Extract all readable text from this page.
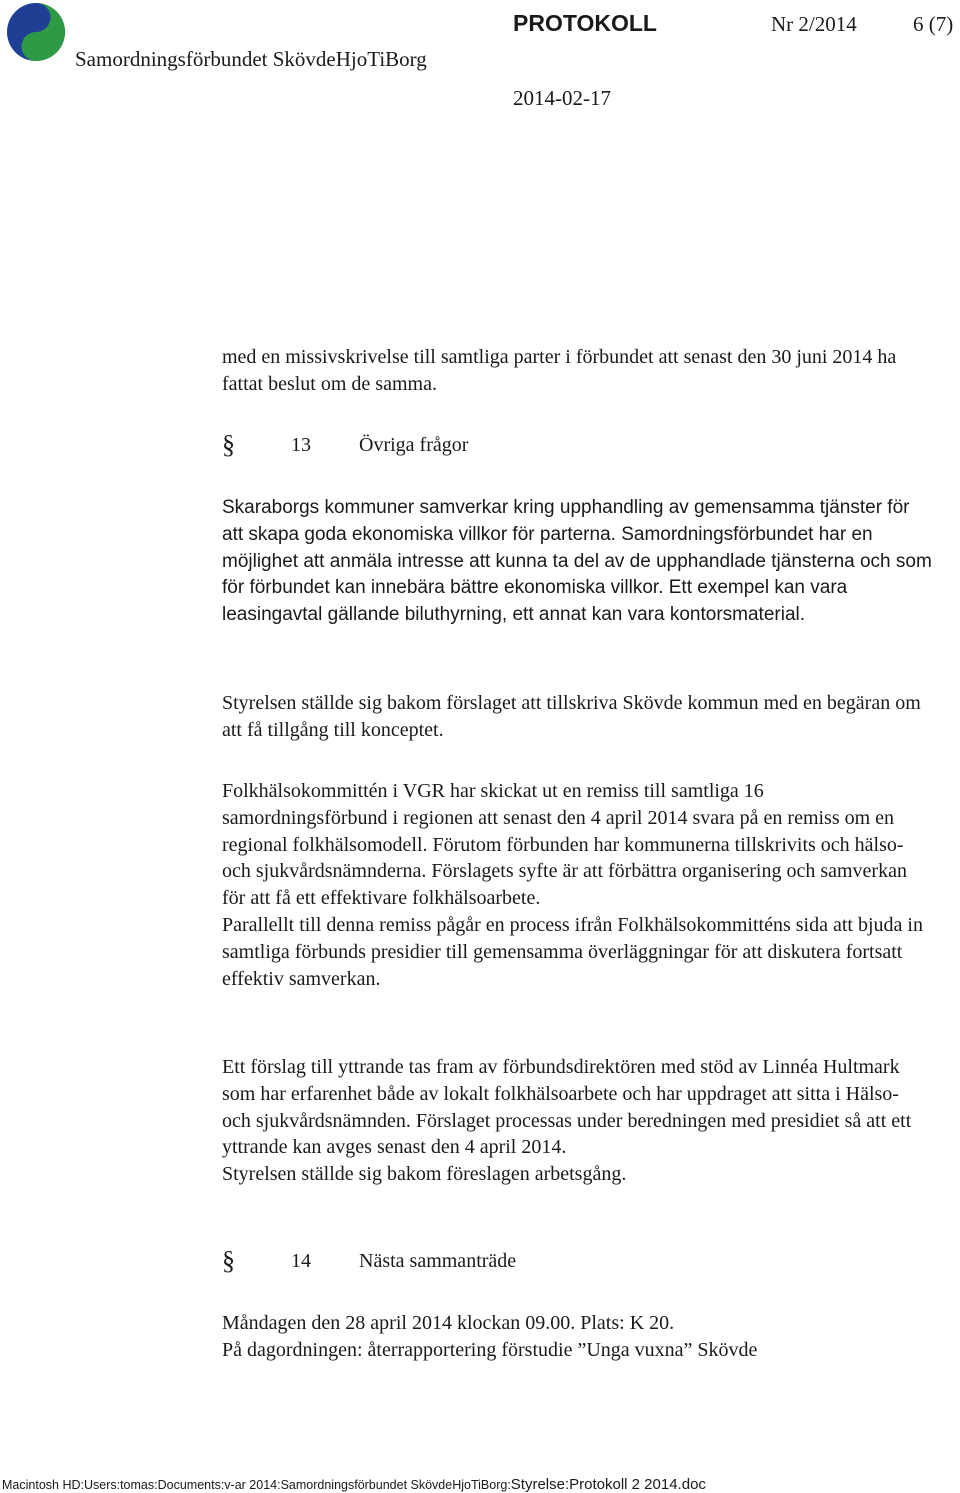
Samordningsförbundet SkövdeHjoTiBorg
PROTOKOLL	Nr 2/2014	6 (7)
2014-02-17
med en missivskrivelse till samtliga parter i förbundet att senast den 30 juni 2014 ha fattat beslut om de samma.
§	13 Övriga frågor
Skaraborgs kommuner samverkar kring upphandling av gemensamma tjänster för att skapa goda ekonomiska villkor för parterna. Samordningsförbundet har en möjlighet att anmäla intresse att kunna ta del av de upphandlade tjänsterna och som för förbundet kan innebära bättre ekonomiska villkor. Ett exempel kan vara leasingavtal gällande biluthyrning, ett annat kan vara kontorsmaterial.
Styrelsen ställde sig bakom förslaget att tillskriva Skövde kommun med en begäran om att få tillgång till konceptet.
Folkhälsokommittén i VGR har skickat ut en remiss till samtliga 16 samordningsförbund i regionen att senast den 4 april 2014 svara på en remiss om en regional folkhälsomodell. Förutom förbunden har kommunerna tillskrivits och hälso- och sjukvårdsnämnderna. Förslagets syfte är att förbättra organisering och samverkan för att få ett effektivare folkhälsoarbete.
Parallellt till denna remiss pågår en process ifrån Folkhälsokommitténs sida att bjuda in samtliga förbunds presidier till gemensamma överläggningar för att diskutera fortsatt effektiv samverkan.
Ett förslag till yttrande tas fram av förbundsdirektören med stöd av Linnéa Hultmark som har erfarenhet både av lokalt folkhälsoarbete och har uppdraget att sitta i Hälso- och sjukvårdsnämnden. Förslaget processas under beredningen med presidiet så att ett yttrande kan avges senast den 4 april 2014.
Styrelsen ställde sig bakom föreslagen arbetsgång.
§	14 Nästa sammanträde
Måndagen den 28 april 2014 klockan 09.00. Plats: K 20.
På dagordningen: återrapportering förstudie ”Unga vuxna” Skövde
Macintosh HD:Users:tomas:Documents:v-ar 2014:Samordningsförbundet SkövdeHjoTiBorg:Styrelse:Protokoll 2 2014.doc
